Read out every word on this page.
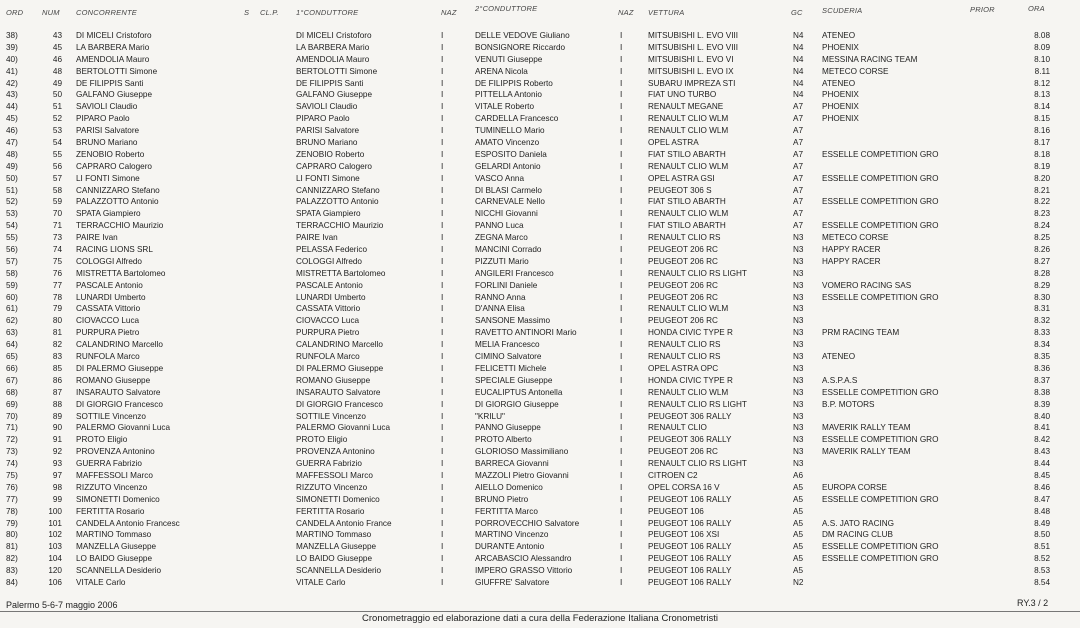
ORD NUM CONCORRENTE	S CL.P. 1°CONDUTTORE	NAZ 2°CONDUTTORE	NAZ VETTURA	GC	SCUDERIA	PRIOR	ORA
38)	43 DI MICELI Cristoforo	DI MICELI Cristoforo	I	DELLE VEDOVE Giuliano	I	MITSUBISHI L. EVO VIII	N4 ATENEO	8.08
39)	45 LA BARBERA Mario	LA BARBERA Mario	I	BONSIGNORE Riccardo	I	MITSUBISHI L. EVO VIII	N4 PHOENIX	8.09
40)	46 AMENDOLIA Mauro	AMENDOLIA Mauro	I	VENUTI Giuseppe	I	MITSUBISHI L. EVO VI	N4 MESSINA RACING TEAM	8.10
41)	48 BERTOLOTTI Simone	BERTOLOTTI Simone	I	ARENA Nicola	I	MITSUBISHI L. EVO IX	N4 METECO CORSE	8.11
42)	49 DE FILIPPIS Santi	DE FILIPPIS Santi	I	DE FILIPPIS Roberto	I	SUBARU IMPREZA STI	N4 ATENEO	8.12
43)	50 GALFANO Giuseppe	GALFANO Giuseppe	I	PITTELLA Antonio	I	FIAT UNO TURBO	N4 PHOENIX	8.13
44)	51 SAVIOLI Claudio	SAVIOLI Claudio	I	VITALE Roberto	I	RENAULT MEGANE	A7 PHOENIX	8.14
45)	52 PIPARO Paolo	PIPARO Paolo	I	CARDELLA Francesco	I	RENAULT CLIO WLM	A7 PHOENIX	8.15
46)	53 PARISI Salvatore	PARISI Salvatore	I	TUMINELLO Mario	I	RENAULT CLIO WLM	A7	8.16
47)	54 BRUNO Mariano	BRUNO Mariano	I	AMATO Vincenzo	I	OPEL ASTRA	A7	8.17
48)	55 ZENOBIO Roberto	ZENOBIO Roberto	I	ESPOSITO Daniela	I	FIAT STILO ABARTH	A7 ESSELLE COMPETITION GRO	8.18
49)	56 CAPRARO Calogero	CAPRARO Calogero	I	GELARDI Antonio	I	RENAULT CLIO WLM	A7	8.19
50)	57 LI FONTI Simone	LI FONTI Simone	I	VASCO Anna	I	OPEL ASTRA GSI	A7 ESSELLE COMPETITION GRO	8.20
51)	58 CANNIZZARO Stefano	CANNIZZARO Stefano	I	DI BLASI Carmelo	I	PEUGEOT 306 S	A7	8.21
52)	59 PALAZZOTTO Antonio	PALAZZOTTO Antonio	I	CARNEVALE Nello	I	FIAT STILO ABARTH	A7 ESSELLE COMPETITION GRO	8.22
53)	70 SPATA Giampiero	SPATA Giampiero	I	NICCHI Giovanni	I	RENAULT CLIO WLM	A7	8.23
54)	71 TERRACCHIO Maurizio	TERRACCHIO Maurizio	I	PANNO Luca	I	FIAT STILO ABARTH	A7 ESSELLE COMPETITION GRO	8.24
55)	73 PAIRE Ivan	PAIRE Ivan	I	ZEGNA Marco	I	RENAULT CLIO RS	N3 METECO CORSE	8.25
56)	74 RACING LIONS SRL	PELASSA Federico	I	MANCINI Corrado	I	PEUGEOT 206 RC	N3 HAPPY RACER	8.26
57)	75 COLOGGI Alfredo	COLOGGI Alfredo	I	PIZZUTI Mario	I	PEUGEOT 206 RC	N3 HAPPY RACER	8.27
58)	76 MISTRETTA Bartolomeo	MISTRETTA Bartolomeo	I	ANGILERI Francesco	I	RENAULT CLIO RS LIGHT	N3	8.28
59)	77 PASCALE Antonio	PASCALE Antonio	I	FORLINI Daniele	I	PEUGEOT 206 RC	N3 VOMERO RACING SAS	8.29
60)	78 LUNARDI Umberto	LUNARDI Umberto	I	RANNO Anna	I	PEUGEOT 206 RC	N3 ESSELLE COMPETITION GRO	8.30
61)	79 CASSATA Vittorio	CASSATA Vittorio	I	D'ANNA Elisa	I	RENAULT CLIO WLM	N3	8.31
62)	80 CIOVACCO Luca	CIOVACCO Luca	I	SANSONE Massimo	I	PEUGEOT 206 RC	N3	8.32
63)	81 PURPURA Pietro	PURPURA Pietro	I	RAVETTO ANTINORI Mario	I	HONDA CIVIC TYPE R	N3 PRM RACING TEAM	8.33
64)	82 CALANDRINO Marcello	CALANDRINO Marcello	I	MELIA Francesco	I	RENAULT CLIO RS	N3	8.34
65)	83 RUNFOLA Marco	RUNFOLA Marco	I	CIMINO Salvatore	I	RENAULT CLIO RS	N3 ATENEO	8.35
66)	85 DI PALERMO Giuseppe	DI PALERMO Giuseppe	I	FELICETTI Michele	I	OPEL ASTRA OPC	N3	8.36
67)	86 ROMANO Giuseppe	ROMANO Giuseppe	I	SPECIALE Giuseppe	I	HONDA CIVIC TYPE R	N3 A.S.P.A.S	8.37
68)	87 INSARAUTO Salvatore	INSARAUTO Salvatore	I	EUCALIPTUS Antonella	I	RENAULT CLIO WLM	N3 ESSELLE COMPETITION GRO	8.38
69)	88 DI GIORGIO Francesco	DI GIORGIO Francesco	I	DI GIORGIO Giuseppe	I	RENAULT CLIO RS LIGHT	N3 B.P. MOTORS	8.39
70)	89 SOTTILE Vincenzo	SOTTILE Vincenzo	I	"KRILU"	I	PEUGEOT 306 RALLY	N3	8.40
71)	90 PALERMO Giovanni Luca	PALERMO Giovanni Luca	I	PANNO Giuseppe	I	RENAULT CLIO	N3 MAVERIK RALLY TEAM	8.41
72)	91 PROTO Eligio	PROTO Eligio	I	PROTO Alberto	I	PEUGEOT 306 RALLY	N3 ESSELLE COMPETITION GRO	8.42
73)	92 PROVENZA Antonino	PROVENZA Antonino	I	GLORIOSO Massimiliano	I	PEUGEOT 206 RC	N3 MAVERIK RALLY TEAM	8.43
74)	93 GUERRA Fabrizio	GUERRA Fabrizio	I	BARRECA Giovanni	I	RENAULT CLIO RS LIGHT	N3	8.44
75)	97 MAFFESSOLI Marco	MAFFESSOLI Marco	I	MAZZOLI Pietro Giovanni	I	CITROEN C2	A6	8.45
76)	98 RIZZUTO Vincenzo	RIZZUTO Vincenzo	I	AIELLO Domenico	I	OPEL CORSA 16 V	A5 EUROPA CORSE	8.46
77)	99 SIMONETTI Domenico	SIMONETTI Domenico	I	BRUNO Pietro	I	PEUGEOT 106 RALLY	A5 ESSELLE COMPETITION GRO	8.47
78)	100 FERTITTA Rosario	FERTITTA Rosario	I	FERTITTA Marco	I	PEUGEOT 106	A5	8.48
79)	101 CANDELA Antonio Francesc	CANDELA Antonio France	I	PORROVECCHIO Salvatore	I	PEUGEOT 106 RALLY	A5 A.S. JATO RACING	8.49
80)	102 MARTINO Tommaso	MARTINO Tommaso	I	MARTINO Vincenzo	I	PEUGEOT 106 XSI	A5 DM RACING CLUB	8.50
81)	103 MANZELLA Giuseppe	MANZELLA Giuseppe	I	DURANTE Antonio	I	PEUGEOT 106 RALLY	A5 ESSELLE COMPETITION GRO	8.51
82)	104 LO BAIDO Giuseppe	LO BAIDO Giuseppe	I	ARCABASCIO Alessandro	I	PEUGEOT 106 RALLY	A5 ESSELLE COMPETITION GRO	8.52
83)	120 SCANNELLA Desiderio	SCANNELLA Desiderio	I	IMPERO GRASSO Vittorio	I	PEUGEOT 106 RALLY	A5	8.53
84)	106 VITALE Carlo	VITALE Carlo	I	GIUFFRE' Salvatore	I	PEUGEOT 106 RALLY	N2	8.54
Palermo 5-6-7 maggio 2006	RY.3 / 2
Cronometraggio ed elaborazione dati a cura della Federazione Italiana Cronometristi
